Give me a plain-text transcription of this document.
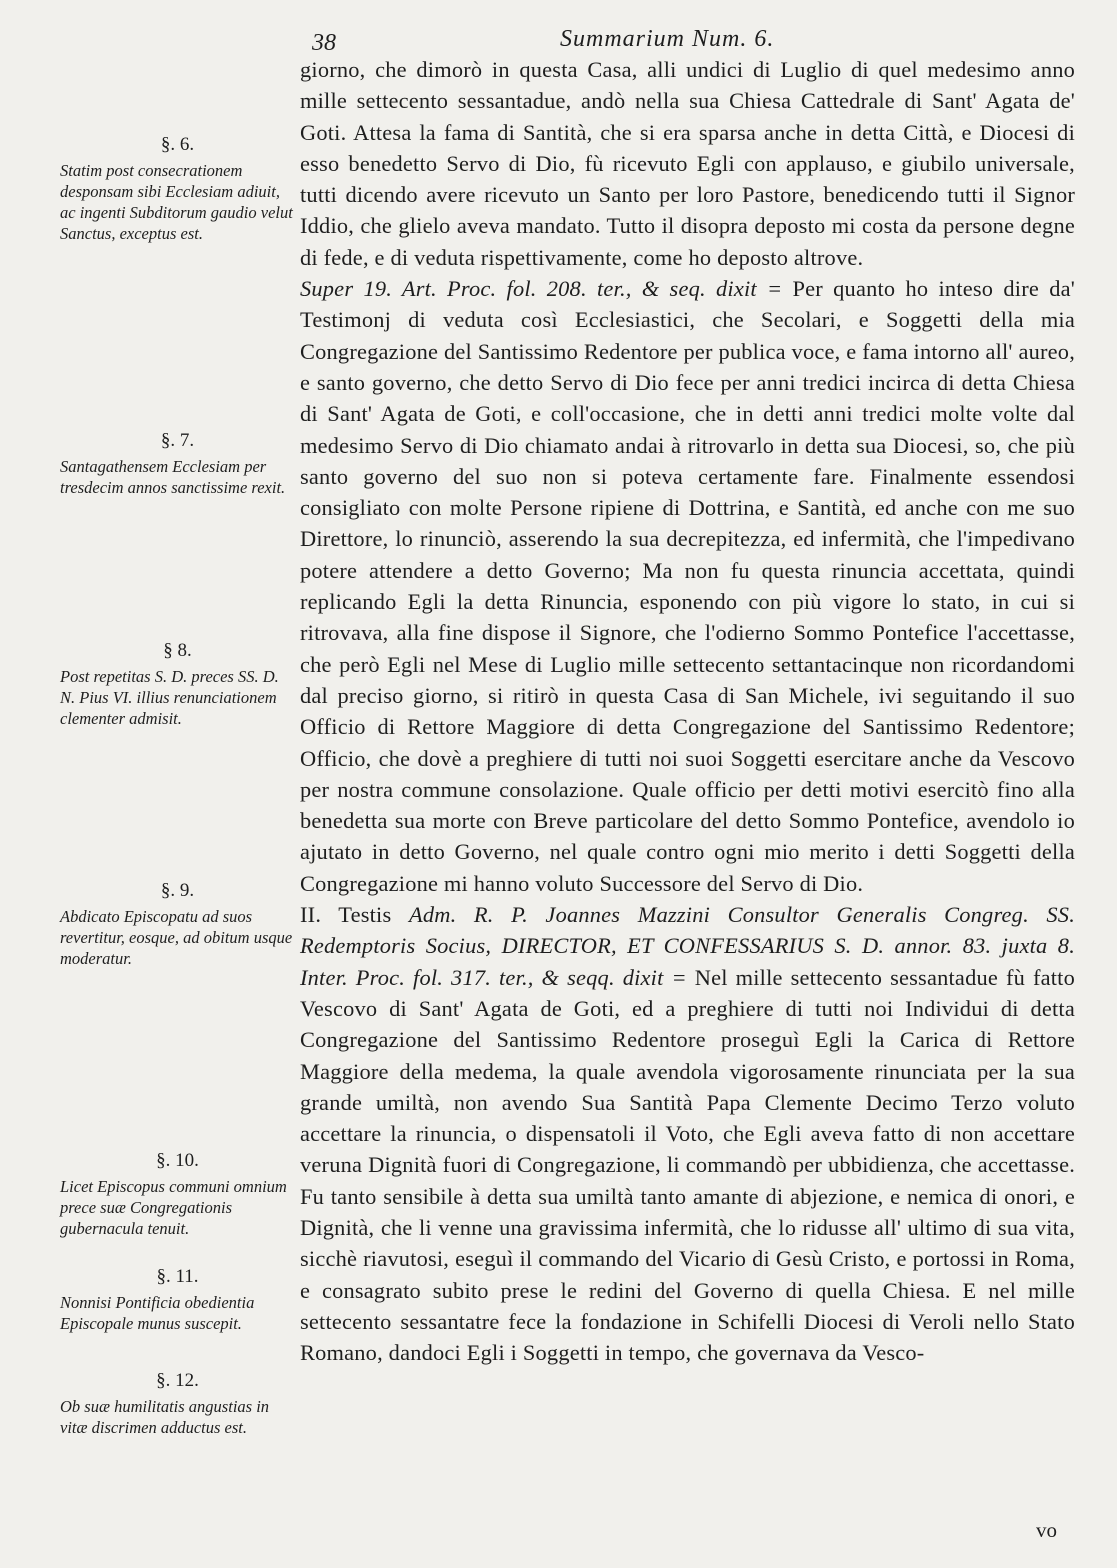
38	Summarium Num. 6.
§. 6.
Statim post consecrationem desponsam sibi Ecclesiam adiuit, ac ingenti Subditorum gaudio velut Sanctus, exceptus est.
§. 7.
Santagathensem Ecclesiam per tresdecim annos sanctissime rexit.
§ 8.
Post repetitas S. D. preces SS. D. N. Pius VI. illius renunciationem clementer admisit.
§. 9.
Abdicato Episcopatu ad suos revertitur, eosque, ad obitum usque moderatur.
§. 10.
Licet Episcopus communi omnium prece suæ Congregationis gubernacula tenuit.
§. 11.
Nonnisi Pontificia obedientia Episcopale munus suscepit.
§. 12.
Ob suæ humilitatis angustias in vitæ discrimen adductus est.

giorno, che dimorò in questa Casa, alli undici di Luglio di quel medesimo anno mille settecento sessantadue, andò nella sua Chiesa Cattedrale di Sant' Agata de' Goti. Attesa la fama di Santità, che si era sparsa anche in detta Città, e Diocesi di esso benedetto Servo di Dio, fù ricevuto Egli con applauso, e giubilo universale, tutti dicendo avere ricevuto un Santo per loro Pastore, benedicendo tutti il Signor Iddio, che glielo aveva mandato. Tutto il disopra deposto mi costa da persone degne di fede, e di veduta rispettivamente, come ho deposto altrove.

Super 19. Art. Proc. fol. 208. ter., & seq. dixit = Per quanto ho inteso dire da' Testimonj di veduta così Ecclesiastici, che Secolari, e Soggetti della mia Congregazione del Santissimo Redentore per publica voce, e fama intorno all' aureo, e santo governo, che detto Servo di Dio fece per anni tredici incirca di detta Chiesa di Sant' Agata de Goti, e coll'occasione, che in detti anni tredici molte volte dal medesimo Servo di Dio chiamato andai à ritrovarlo in detta sua Diocesi, so, che più santo governo del suo non si poteva certamente fare. Finalmente essendosi consigliato con molte Persone ripiene di Dottrina, e Santità, ed anche con me suo Direttore, lo rinunciò, asserendo la sua decrepitezza, ed infermità, che l'impedivano potere attendere a detto Governo; Ma non fu questa rinuncia accettata, quindi replicando Egli la detta Rinuncia, esponendo con più vigore lo stato, in cui si ritrovava, alla fine dispose il Signore, che l'odierno Sommo Pontefice l'accettasse, che però Egli nel Mese di Luglio mille settecento settantacinque non ricordandomi dal preciso giorno, si ritirò in questa Casa di San Michele, ivi seguitando il suo Officio di Rettore Maggiore di detta Congregazione del Santissimo Redentore; Officio, che dovè a preghiere di tutti noi suoi Soggetti esercitare anche da Vescovo per nostra commune consolazione. Quale officio per detti motivi esercitò fino alla benedetta sua morte con Breve particolare del detto Sommo Pontefice, avendolo io ajutato in detto Governo, nel quale contro ogni mio merito i detti Soggetti della Congregazione mi hanno voluto Successore del Servo di Dio.

II. Testis Adm. R. P. Joannes Mazzini Consultor Generalis Congreg. SS. Redemptoris Socius, DIRECTOR, ET CONFESSARIUS S. D. annor. 83. juxta 8. Inter. Proc. fol. 317. ter., & seqq. dixit = Nel mille settecento sessantadue fù fatto Vescovo di Sant' Agata de Goti, ed a preghiere di tutti noi Individui di detta Congregazione del Santissimo Redentore proseguì Egli la Carica di Rettore Maggiore della medema, la quale avendola vigorosamente rinunciata per la sua grande umiltà, non avendo Sua Santità Papa Clemente Decimo Terzo voluto accettare la rinuncia, o dispensatoli il Voto, che Egli aveva fatto di non accettare veruna Dignità fuori di Congregazione, li commandò per ubbidienza, che accettasse. Fu tanto sensibile à detta sua umiltà tanto amante di abjezione, e nemica di onori, e Dignità, che li venne una gravissima infermità, che lo ridusse all' ultimo di sua vita, sicchè riavutosi, eseguì il commando del Vicario di Gesù Cristo, e portossi in Roma, e consagrato subito prese le redini del Governo di quella Chiesa. E nel mille settecento sessantatre fece la fondazione in Schifelli Diocesi di Veroli nello Stato Romano, dandoci Egli i Soggetti in tempo, che governava da Vesco-

vo
